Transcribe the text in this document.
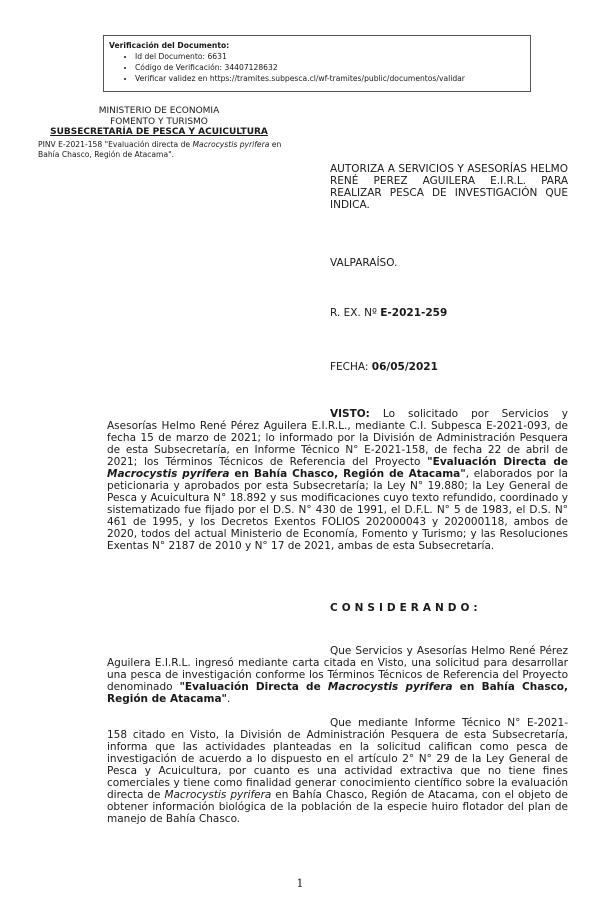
Verificación del Documento:
• Id del Documento: 6631
• Código de Verificación: 34407128632
• Verificar validez en https://tramites.subpesca.cl/wf-tramites/public/documentos/validar
MINISTERIO DE ECONOMIA
FOMENTO Y TURISMO
SUBSECRETARÍA DE PESCA Y ACUICULTURA
PINV E-2021-158 "Evaluación directa de Macrocystis pyrifera en Bahía Chasco, Región de Atacama".
AUTORIZA A SERVICIOS Y ASESORÍAS HELMO RENÉ PEREZ AGUILERA E.I.R.L. PARA REALIZAR PESCA DE INVESTIGACIÓN QUE INDICA.
VALPARAÍSO.
R. EX. Nº E-2021-259
FECHA: 06/05/2021

VISTO: Lo solicitado por Servicios y Asesorías Helmo René Pérez Aguilera E.I.R.L., mediante C.I. Subpesca E-2021-093, de fecha 15 de marzo de 2021; lo informado por la División de Administración Pesquera de esta Subsecretaría, en Informe Técnico N° E-2021-158, de fecha 22 de abril de 2021; los Términos Técnicos de Referencia del Proyecto "Evaluación Directa de Macrocystis pyrifera en Bahía Chasco, Región de Atacama", elaborados por la peticionaria y aprobados por esta Subsecretaría; la Ley N° 19.880; la Ley General de Pesca y Acuicultura N° 18.892 y sus modificaciones cuyo texto refundido, coordinado y sistematizado fue fijado por el D.S. N° 430 de 1991, el D.F.L. N° 5 de 1983, el D.S. N° 461 de 1995, y los Decretos Exentos FOLIOS 202000043 y 202000118, ambos de 2020, todos del actual Ministerio de Economía, Fomento y Turismo; y las Resoluciones Exentas N° 2187 de 2010 y N° 17 de 2021, ambas de esta Subsecretaría.

CONSIDERANDO:

Que Servicios y Asesorías Helmo René Pérez Aguilera E.I.R.L. ingresó mediante carta citada en Visto, una solicitud para desarrollar una pesca de investigación conforme los Términos Técnicos de Referencia del Proyecto denominado "Evaluación Directa de Macrocystis pyrifera en Bahía Chasco, Región de Atacama".

Que mediante Informe Técnico N° E-2021-158 citado en Visto, la División de Administración Pesquera de esta Subsecretaría, informa que las actividades planteadas en la solicitud califican como pesca de investigación de acuerdo a lo dispuesto en el artículo 2° N° 29 de la Ley General de Pesca y Acuicultura, por cuanto es una actividad extractiva que no tiene fines comerciales y tiene como finalidad generar conocimiento científico sobre la evaluación directa de Macrocystis pyrifera en Bahía Chasco, Región de Atacama, con el objeto de obtener información biológica de la población de la especie huiro flotador del plan de manejo de Bahía Chasco.

1
